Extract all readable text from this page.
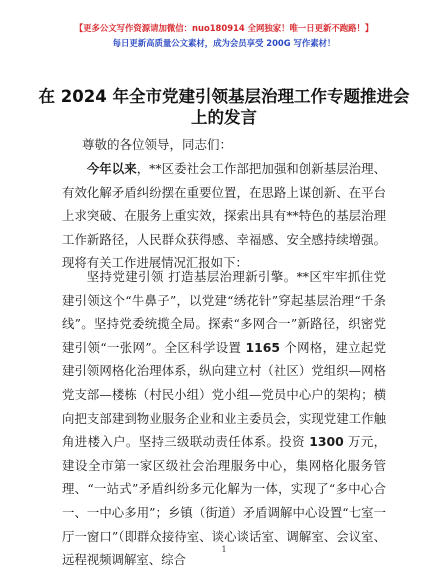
【更多公文写作资源请加微信：nuo180914 全网独家！唯一日更新不跑路！】
每日更新高质量公文素材，成为会员享受 200G 写作素材！
在 2024 年全市党建引领基层治理工作专题推进会上的发言
尊敬的各位领导，同志们：

今年以来，**区委社会工作部把加强和创新基层治理、有效化解矛盾纠纷摆在重要位置，在思路上谋创新、在平台上求突破、在服务上重实效，探索出具有**特色的基层治理工作新路径，人民群众获得感、幸福感、安全感持续增强。现将有关工作进展情况汇报如下：

坚持党建引领 打造基层治理新引擎。**区牢牢抓住党建引领这个“牛鼻子”，以党建“绣花针”穿起基层治理“千条线”。坚持党委统揽全局。探索“多网合一”新路径，织密党建引领“一张网”。全区科学设置 1165 个网格，建立起党建引领网格化治理体系，纵向建立村（社区）党组织—网格党支部—楼栋（村民小组）党小组—党员中心户的架构；横向把支部建到物业服务企业和业主委员会，实现党建工作触角进楼入户。坚持三级联动责任体系。投资 1300 万元，建设全市第一家区级社会治理服务中心，集网格化服务管理、“一站式”矛盾纠纷多元化解为一体，实现了“多中心合一、一中心多用”；乡镇（街道）矛盾调解中心设置“七室一厅一窗口”（即群众接待室、谈心谈话室、调解室、会议室、远程视频调解室、综合

1
